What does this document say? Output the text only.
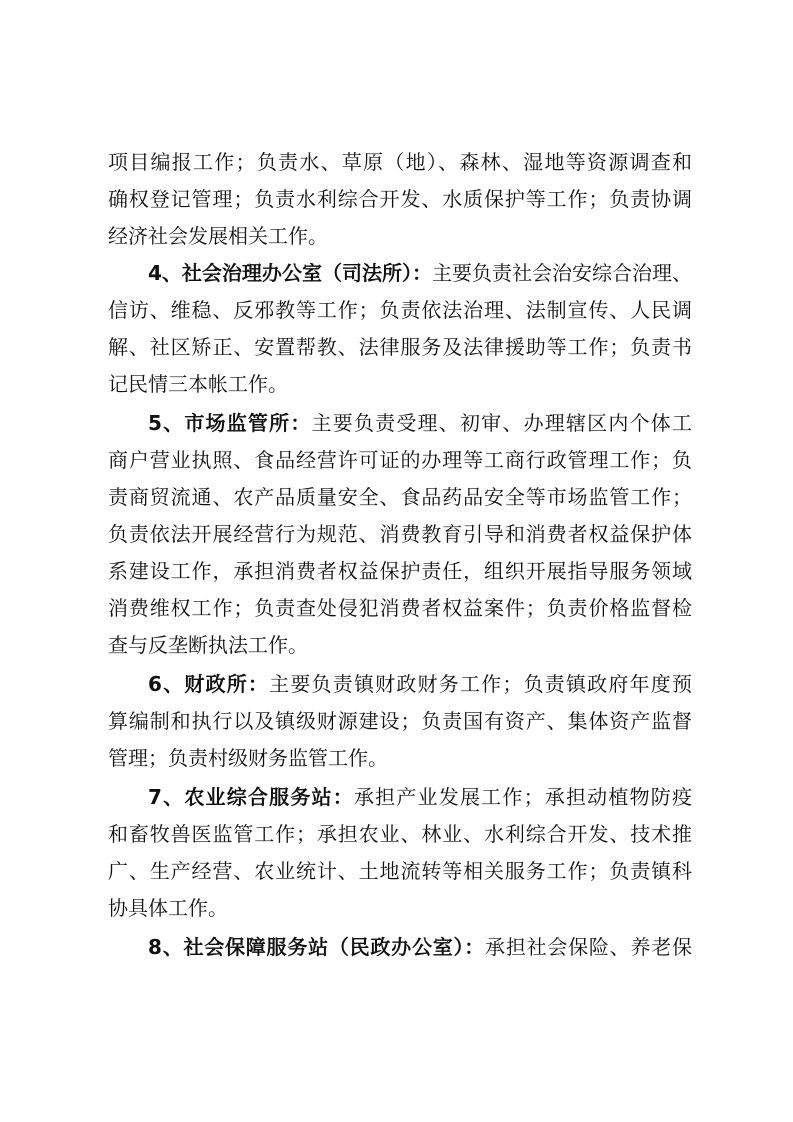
项目编报工作；负责水、草原（地）、森林、湿地等资源调查和
确权登记管理；负责水利综合开发、水质保护等工作；负责协调
经济社会发展相关工作。
4、社会治理办公室（司法所）：主要负责社会治安综合治理、
信访、维稳、反邪教等工作；负责依法治理、法制宣传、人民调
解、社区矫正、安置帮教、法律服务及法律援助等工作；负责书
记民情三本帐工作。
5、市场监管所：主要负责受理、初审、办理辖区内个体工
商户营业执照、食品经营许可证的办理等工商行政管理工作；负
责商贸流通、农产品质量安全、食品药品安全等市场监管工作；
负责依法开展经营行为规范、消费教育引导和消费者权益保护体
系建设工作，承担消费者权益保护责任，组织开展指导服务领域
消费维权工作；负责查处侵犯消费者权益案件；负责价格监督检
查与反垄断执法工作。
6、财政所：主要负责镇财政财务工作；负责镇政府年度预
算编制和执行以及镇级财源建设；负责国有资产、集体资产监督
管理；负责村级财务监管工作。
7、农业综合服务站：承担产业发展工作；承担动植物防疫
和畜牧兽医监管工作；承担农业、林业、水利综合开发、技术推
广、生产经营、农业统计、土地流转等相关服务工作；负责镇科
协具体工作。
8、社会保障服务站（民政办公室）：承担社会保险、养老保
